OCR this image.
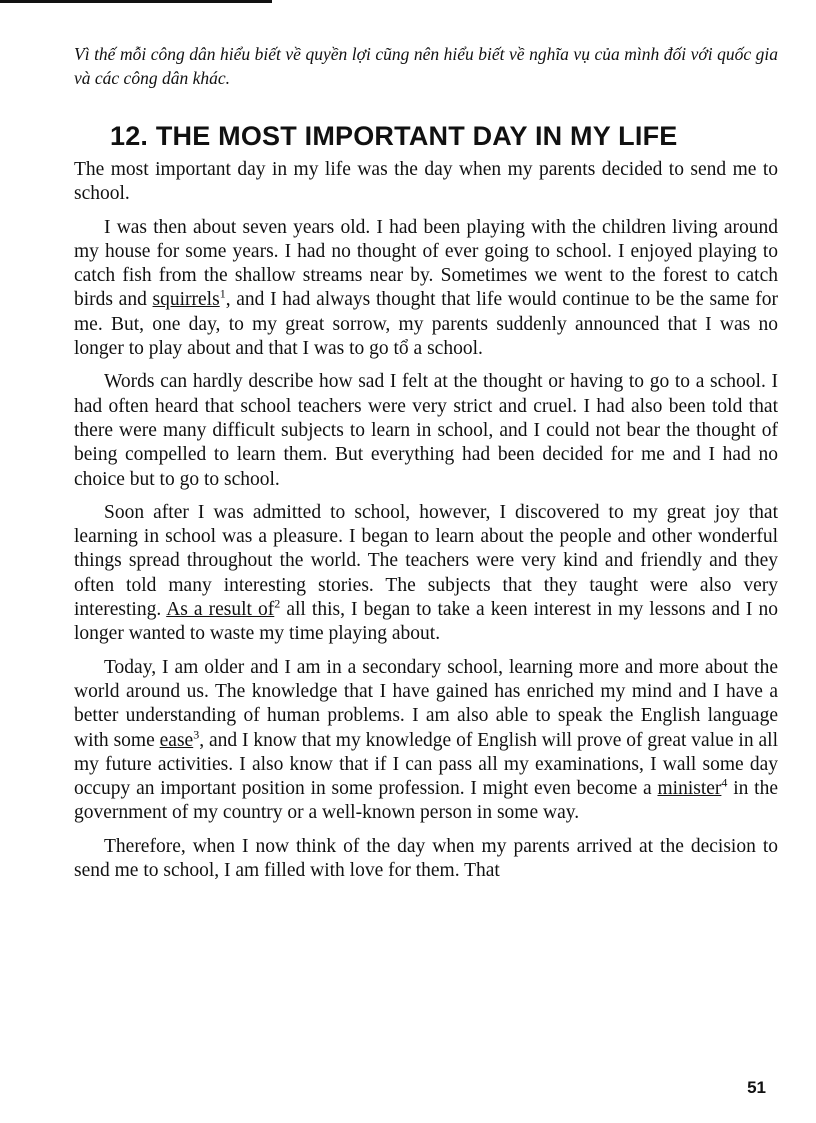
Vì thế mỗi công dân hiểu biết về quyền lợi cũng nên hiểu biết về nghĩa vụ của mình đối với quốc gia và các công dân khác.

12. THE MOST IMPORTANT DAY IN MY LIFE

The most important day in my life was the day when my parents decided to send me to school.

I was then about seven years old. I had been playing with the children living around my house for some years. I had no thought of ever going to school. I enjoyed playing to catch fish from the shallow streams near by. Sometimes we went to the forest to catch birds and squirrels$^1$, and I had always thought that life would continue to be the same for me. But, one day, to my great sorrow, my parents suddenly announced that I was no longer to play about and that I was to go tổ a school.

Words can hardly describe how sad I felt at the thought or having to go to a school. I had often heard that school teachers were very strict and cruel. I had also been told that there were many difficult subjects to learn in school, and I could not bear the thought of being compelled to learn them. But everything had been decided for me and I had no choice but to go to school.

Soon after I was admitted to school, however, I discovered to my great joy that learning in school was a pleasure. I began to learn about the people and other wonderful things spread throughout the world. The teachers were very kind and friendly and they often told many interesting stories. The subjects that they taught were also very interesting. As a result of$^2$ all this, I began to take a keen interest in my lessons and I no longer wanted to waste my time playing about.

Today, I am older and I am in a secondary school, learning more and more about the world around us. The knowledge that I have gained has enriched my mind and I have a better understanding of human problems. I am also able to speak the English language with some ease$^3$, and I know that my knowledge of English will prove of great value in all my future activities. I also know that if I can pass all my examinations, I wall some day occupy an important position in some profession. I might even become a minister$^4$ in the government of my country or a well-known person in some way.

Therefore, when I now think of the day when my parents arrived at the decision to send me to school, I am filled with love for them. That

51
